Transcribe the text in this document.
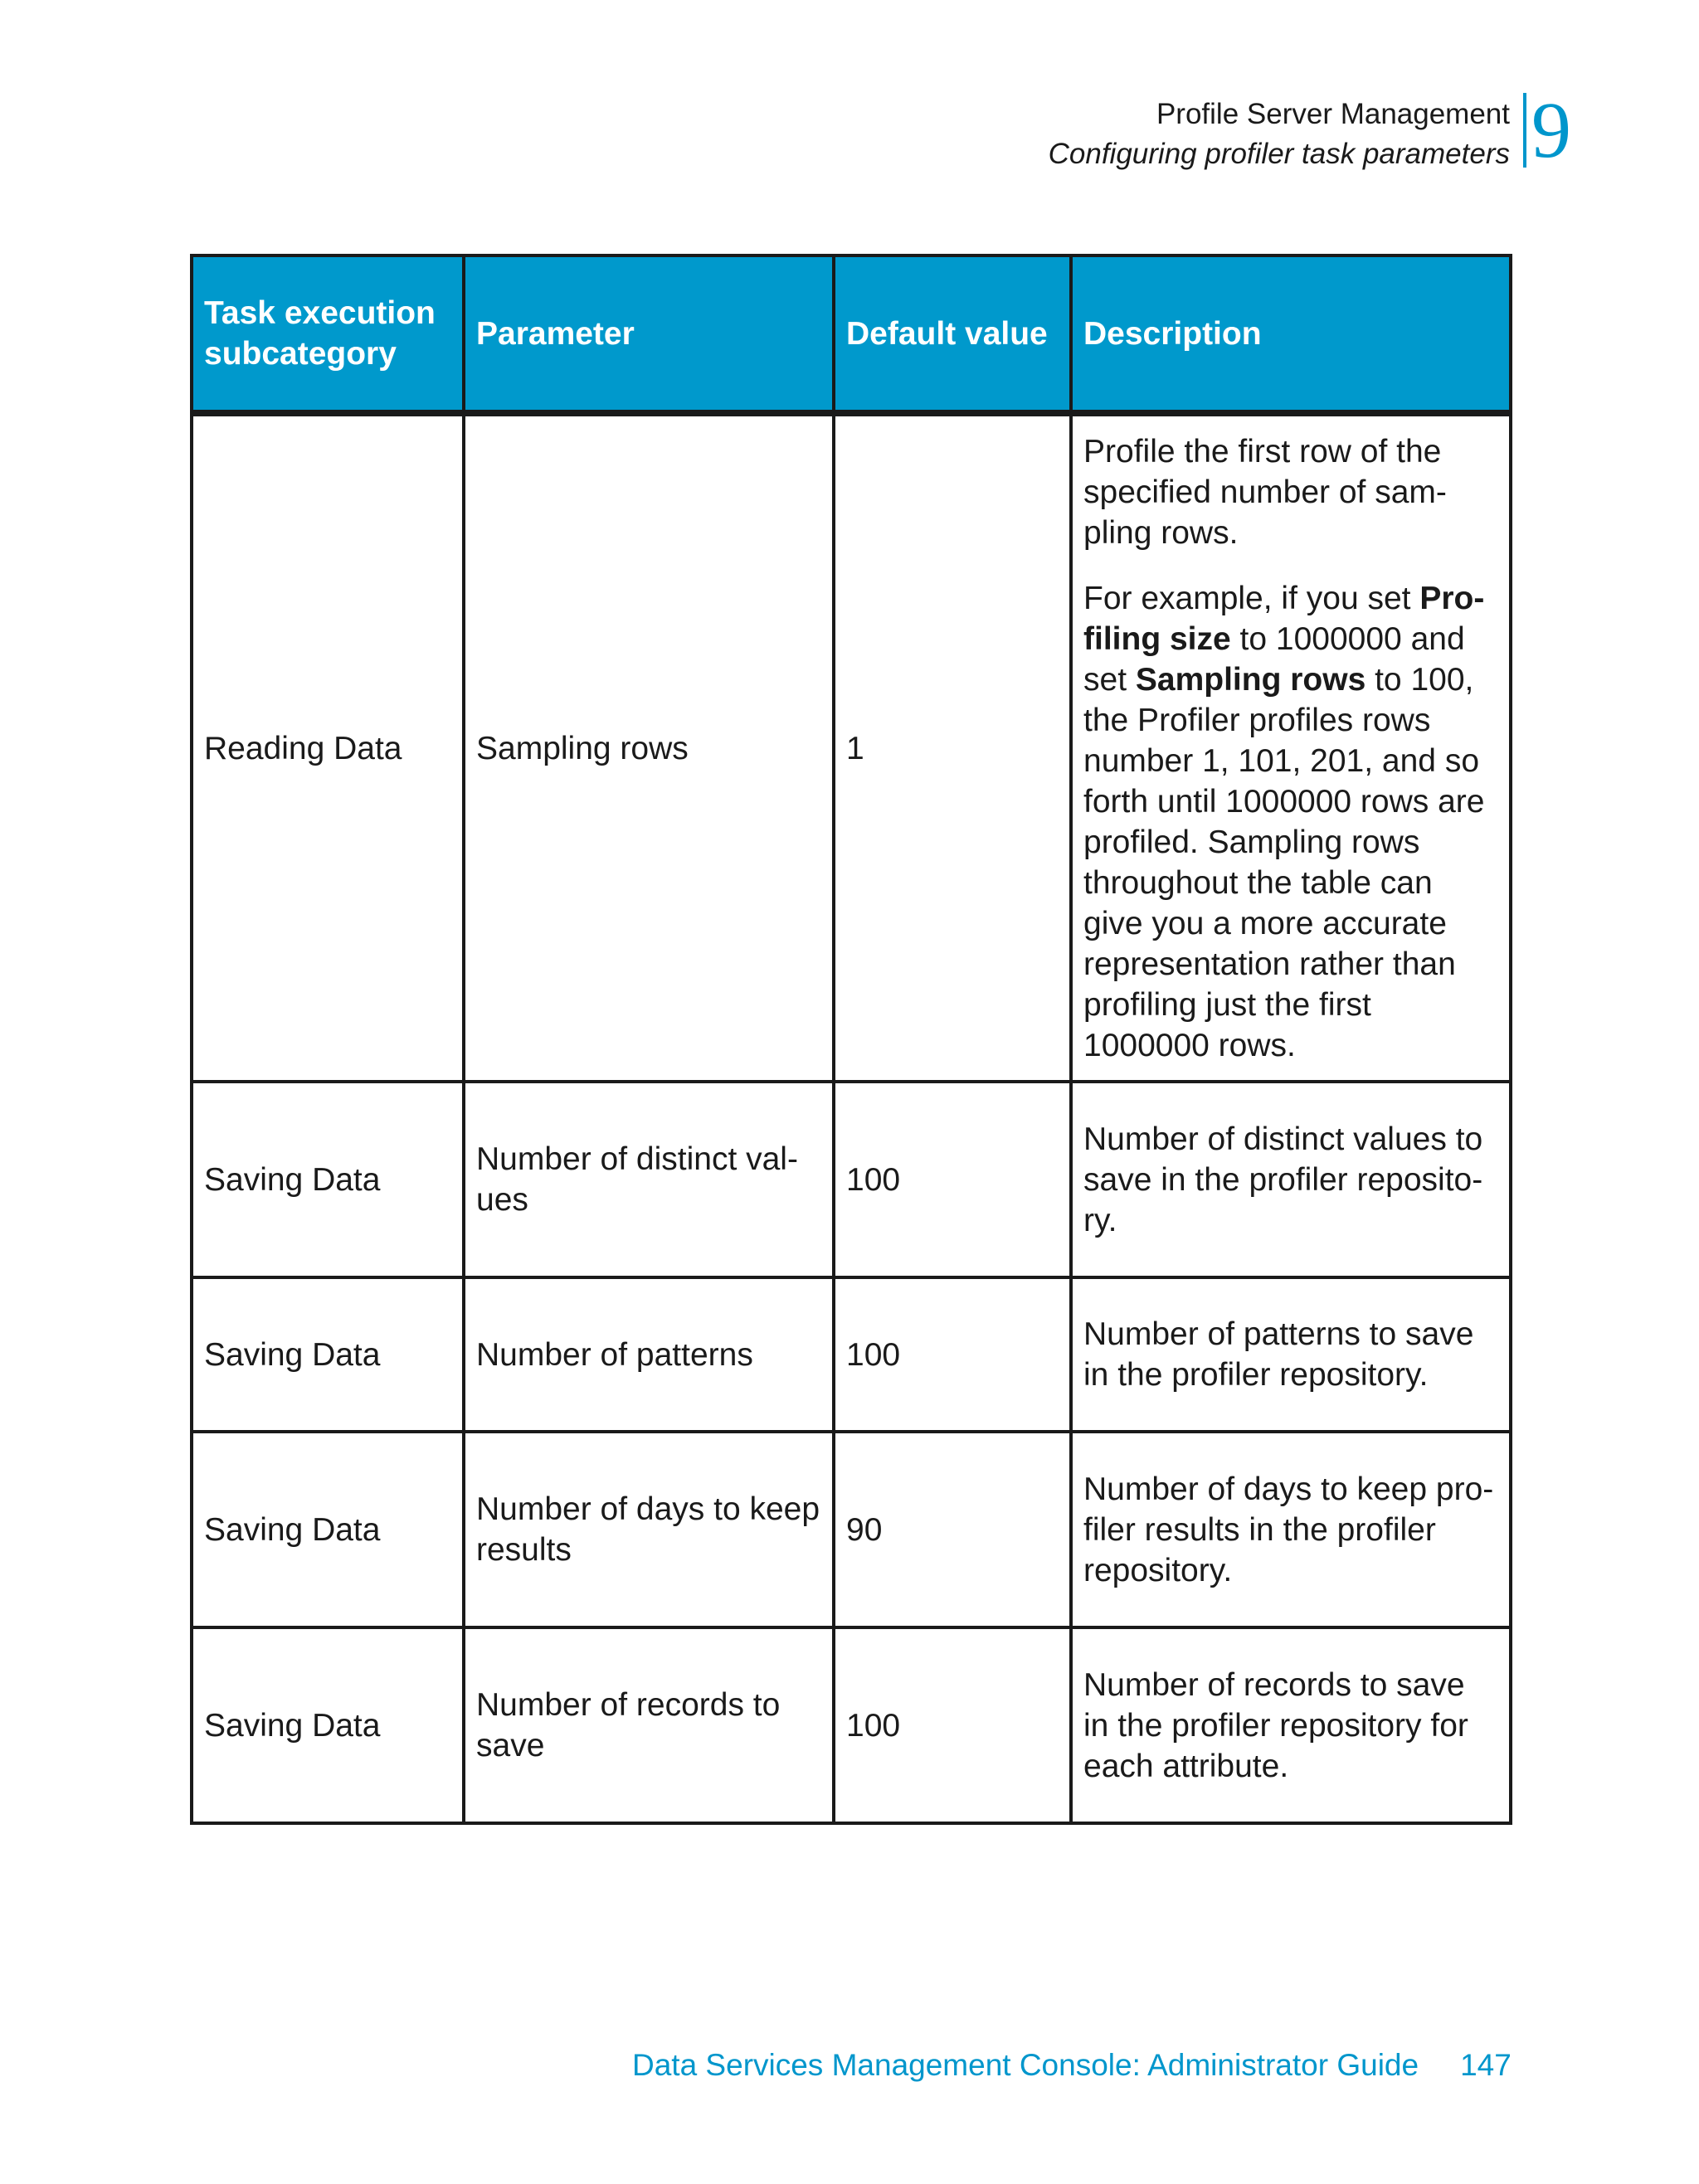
Profile Server Management
Configuring profiler task parameters 9
Task execution subcategory	Parameter	Default value	Description
Reading Data	Sampling rows	1	Profile the first row of the specified number of sampling rows.

For example, if you set Profiling size to 1000000 and set Sampling rows to 100, the Profiler profiles rows number 1, 101, 201, and so forth until 1000000 rows are profiled. Sampling rows throughout the table can give you a more accurate representation rather than profiling just the first 1000000 rows.

Saving Data	Number of distinct values	100	Number of distinct values to save in the profiler repository.

Saving Data	Number of patterns	100	Number of patterns to save in the profiler repository.

Saving Data	Number of days to keep results	90	Number of days to keep profiler results in the profiler repository.

Saving Data	Number of records to save	100	Number of records to save in the profiler repository for each attribute.

Data Services Management Console: Administrator Guide 147
